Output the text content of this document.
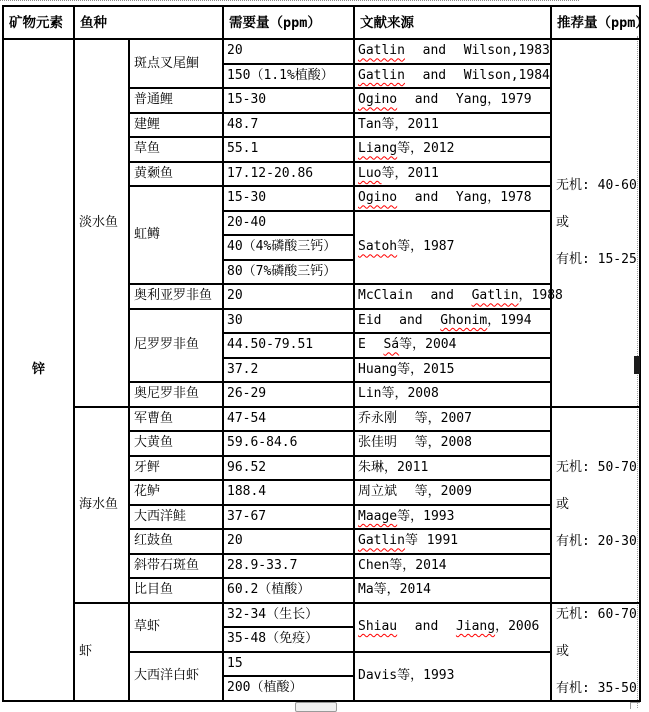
矿物元素	鱼种		需要量（ppm）	文献来源	推荐量（ppm）
锌	淡水鱼	斑点叉尾鮰	20	Gatlin  and  Wilson,1983	无机: 40-60
或
有机: 15-25

			150（1.1%植酸）	Gatlin  and  Wilson,1984	
		普通鲤	15-30	Ogino  and  Yang，1979	
		建鲤	48.7	Tan等，2011	
		草鱼	55.1	Liang等，2012	
		黄颡鱼	17.12-20.86	Luo等，2011	
		虹鳟	15-30	Ogino  and  Yang，1978	
			20-40	Satoh等，1987	
			40（4%磷酸三钙）		
			80（7%磷酸三钙）		
		奥利亚罗非鱼	20	McClain  and  Gatlin，1988	
		尼罗罗非鱼	30	Eid  and  Ghonim，1994	
			44.50-79.51	E  Sá等，2004	
			37.2	Huang等，2015	
		奥尼罗非鱼	26-29	Lin等，2008	
	海水鱼	军曹鱼	47-54	乔永刚  等，2007	无机: 50-70
或
有机: 20-30

		大黄鱼	59.6-84.6	张佳明  等，2008	
		牙鲆	96.52	朱琳，2011	
		花鲈	188.4	周立斌  等，2009	
		大西洋鲑	37-67	Maage等，1993	
		红鼓鱼	20	Gatlin等 1991	
		斜带石斑鱼	28.9-33.7	Chen等，2014	
		比目鱼	60.2（植酸）	Ma等，2014	
	虾	草虾	32-34（生长）	Shiau  and  Jiang，2006	无机: 60-70
或
有机: 35-50

			35-48（免疫）		
		大西洋白虾	15	Davis等，1993	
			200（植酸）		
